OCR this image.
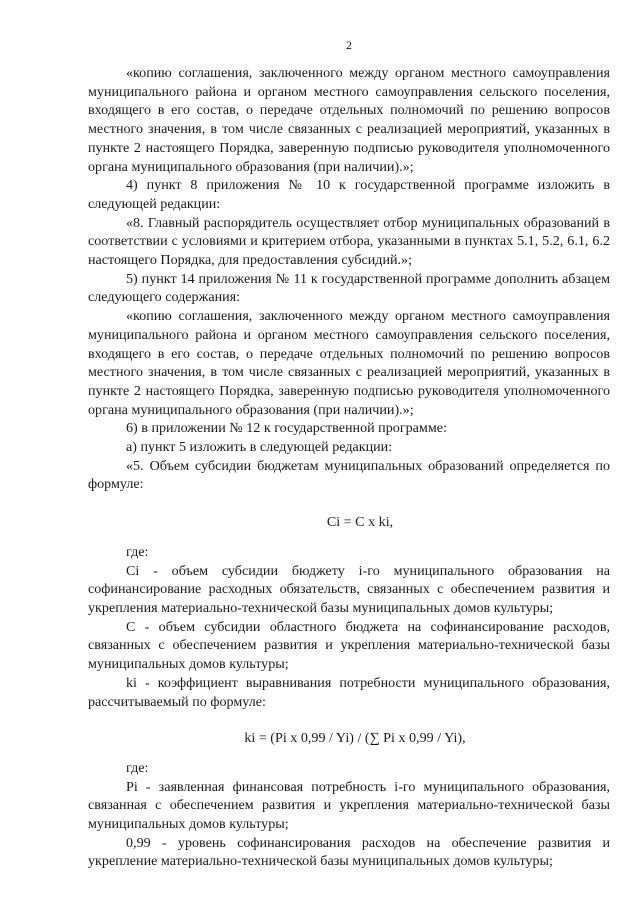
2

«копию соглашения, заключенного между органом местного самоуправления муниципального района и органом местного самоуправления сельского поселения, входящего в его состав, о передаче отдельных полномочий по решению вопросов местного значения, в том числе связанных с реализацией мероприятий, указанных в пункте 2 настоящего Порядка, заверенную подписью руководителя уполномоченного органа муниципального образования (при наличии).»;

4) пункт 8 приложения № 10 к государственной программе изложить в следующей редакции:

«8. Главный распорядитель осуществляет отбор муниципальных образований в соответствии с условиями и критерием отбора, указанными в пунктах 5.1, 5.2, 6.1, 6.2 настоящего Порядка, для предоставления субсидий.»;

5) пункт 14 приложения № 11 к государственной программе дополнить абзацем следующего содержания:

«копию соглашения, заключенного между органом местного самоуправления муниципального района и органом местного самоуправления сельского поселения, входящего в его состав, о передаче отдельных полномочий по решению вопросов местного значения, в том числе связанных с реализацией мероприятий, указанных в пункте 2 настоящего Порядка, заверенную подписью руководителя уполномоченного органа муниципального образования (при наличии).»;

6) в приложении № 12 к государственной программе:

а) пункт 5 изложить в следующей редакции:

«5. Объем субсидии бюджетам муниципальных образований определяется по формуле:

Ci = C x ki,

где:

Ci - объем субсидии бюджету i-го муниципального образования на софинансирование расходных обязательств, связанных с обеспечением развития и укрепления материально-технической базы муниципальных домов культуры;

С - объем субсидии областного бюджета на софинансирование расходов, связанных с обеспечением развития и укрепления материально-технической базы муниципальных домов культуры;

ki - коэффициент выравнивания потребности муниципального образования, рассчитываемый по формуле:

ki = (Pi x 0,99 / Yi) / (∑ Pi x 0,99 / Yi),

где:

Pi - заявленная финансовая потребность i-го муниципального образования, связанная с обеспечением развития и укрепления материально-технической базы муниципальных домов культуры;

0,99 - уровень софинансирования расходов на обеспечение развития и укрепление материально-технической базы муниципальных домов культуры;
